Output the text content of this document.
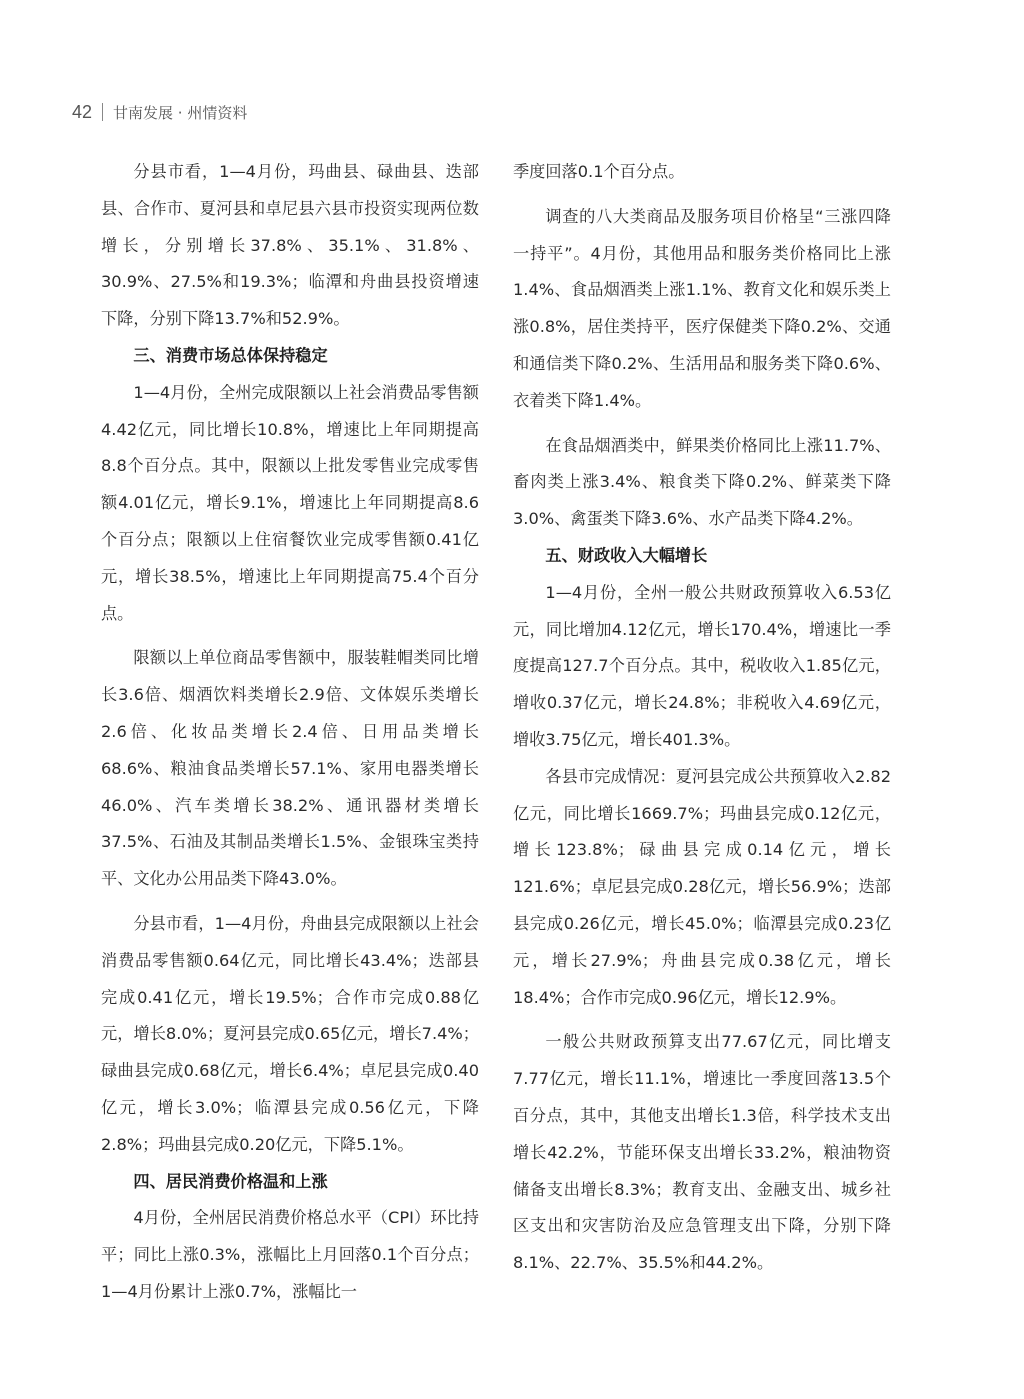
42 甘南发展 · 州情资料

分县市看，1—4月份，玛曲县、碌曲县、迭部县、合作市、夏河县和卓尼县六县市投资实现两位数增长，分别增长37.8%、35.1%、31.8%、30.9%、27.5%和19.3%；临潭和舟曲县投资增速下降，分别下降13.7%和52.9%。

三、消费市场总体保持稳定

1—4月份，全州完成限额以上社会消费品零售额4.42亿元，同比增长10.8%，增速比上年同期提高8.8个百分点。其中，限额以上批发零售业完成零售额4.01亿元，增长9.1%，增速比上年同期提高8.6个百分点；限额以上住宿餐饮业完成零售额0.41亿元，增长38.5%，增速比上年同期提高75.4个百分点。

限额以上单位商品零售额中，服装鞋帽类同比增长3.6倍、烟酒饮料类增长2.9倍、文体娱乐类增长2.6倍、化妆品类增长2.4倍、日用品类增长68.6%、粮油食品类增长57.1%、家用电器类增长46.0%、汽车类增长38.2%、通讯器材类增长37.5%、石油及其制品类增长1.5%、金银珠宝类持平、文化办公用品类下降43.0%。

分县市看，1—4月份，舟曲县完成限额以上社会消费品零售额0.64亿元，同比增长43.4%；迭部县完成0.41亿元，增长19.5%；合作市完成0.88亿元，增长8.0%；夏河县完成0.65亿元，增长7.4%；碌曲县完成0.68亿元，增长6.4%；卓尼县完成0.40亿元，增长3.0%；临潭县完成0.56亿元，下降2.8%；玛曲县完成0.20亿元，下降5.1%。

四、居民消费价格温和上涨

4月份，全州居民消费价格总水平（CPI）环比持平；同比上涨0.3%，涨幅比上月回落0.1个百分点；1—4月份累计上涨0.7%，涨幅比一

季度回落0.1个百分点。

调查的八大类商品及服务项目价格呈“三涨四降一持平”。4月份，其他用品和服务类价格同比上涨1.4%、食品烟酒类上涨1.1%、教育文化和娱乐类上涨0.8%，居住类持平，医疗保健类下降0.2%、交通和通信类下降0.2%、生活用品和服务类下降0.6%、衣着类下降1.4%。

在食品烟酒类中，鲜果类价格同比上涨11.7%、畜肉类上涨3.4%、粮食类下降0.2%、鲜菜类下降3.0%、禽蛋类下降3.6%、水产品类下降4.2%。

五、财政收入大幅增长

1—4月份，全州一般公共财政预算收入6.53亿元，同比增加4.12亿元，增长170.4%，增速比一季度提高127.7个百分点。其中，税收收入1.85亿元，增收0.37亿元，增长24.8%；非税收入4.69亿元，增收3.75亿元，增长401.3%。

各县市完成情况：夏河县完成公共预算收入2.82亿元，同比增长1669.7%；玛曲县完成0.12亿元，增长123.8%；碌曲县完成0.14亿元，增长121.6%；卓尼县完成0.28亿元，增长56.9%；迭部县完成0.26亿元，增长45.0%；临潭县完成0.23亿元，增长27.9%；舟曲县完成0.38亿元，增长18.4%；合作市完成0.96亿元，增长12.9%。

一般公共财政预算支出77.67亿元，同比增支7.77亿元，增长11.1%，增速比一季度回落13.5个百分点，其中，其他支出增长1.3倍，科学技术支出增长42.2%，节能环保支出增长33.2%，粮油物资储备支出增长8.3%；教育支出、金融支出、城乡社区支出和灾害防治及应急管理支出下降，分别下降8.1%、22.7%、35.5%和44.2%。
